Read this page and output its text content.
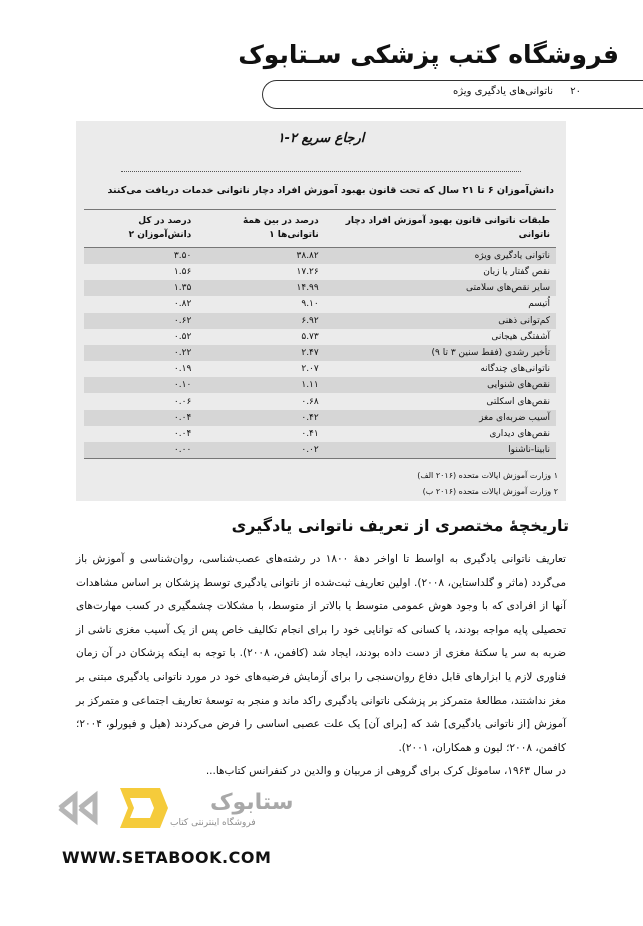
فروشگاه کتب پزشکی سـتابوک
۲۰
ناتوانی‌های یادگیری ویژه
ارجاع سریع ۲-۱
دانش‌آموزان ۶ تا ۲۱ سال که تحت قانون بهبود آموزش افراد دچار ناتوانی خدمات دریافت می‌کنند
طبقات ناتوانی قانون بهبود آموزش افراد دچار ناتوانی	درصد در بین همهٔ ناتوانی‌ها ۱	درصد در کل دانش‌آموزان ۲
ناتوانی یادگیری ویژه	۳۸.۸۲	۳.۵۰
نقص گفتار یا زبان	۱۷.۲۶	۱.۵۶
سایر نقص‌های سلامتی	۱۴.۹۹	۱.۳۵
اُتیسم	۹.۱۰	۰.۸۲
کم‌توانی ذهنی	۶.۹۲	۰.۶۲
آشفتگی هیجانی	۵.۷۳	۰.۵۲
تأخیر رشدی (فقط سنین ۳ تا ۹)	۲.۴۷	۰.۲۲
ناتوانی‌های چندگانه	۲.۰۷	۰.۱۹
نقص‌های شنوایی	۱.۱۱	۰.۱۰
نقص‌های اسکلتی	۰.۶۸	۰.۰۶
آسیب ضربه‌ای مغز	۰.۴۲	۰.۰۴
نقص‌های دیداری	۰.۴۱	۰.۰۴
نابینا-ناشنوا	۰.۰۲	۰.۰۰
۱ وزارت آموزش ایالات متحده (۲۰۱۶ الف)
۲ وزارت آموزش ایالات متحده (۲۰۱۶ ب)
تاریخچهٔ مختصری از تعریف ناتوانی یادگیری

تعاریف ناتوانی یادگیری به اواسط تا اواخر دههٔ ۱۸۰۰ در رشته‌های عصب‌شناسی، روان‌شناسی و آموزش باز می‌گردد (ماثر و گلداستاین، ۲۰۰۸). اولین تعاریف ثبت‌شده از ناتوانی یادگیری توسط پزشکان بر اساس مشاهدات آنها از افرادی که با وجود هوش عمومی متوسط یا بالاتر از متوسط، با مشکلات چشمگیری در کسب مهارت‌های تحصیلی پایه مواجه بودند، یا کسانی که توانایی خود را برای انجام تکالیف خاص پس از یک آسیب مغزی ناشی از ضربه به سر یا سکتهٔ مغزی از دست داده بودند، ایجاد شد (کافمن، ۲۰۰۸). با توجه به اینکه پزشکان در آن زمان فناوری لازم یا ابزارهای قابل دفاع روان‌سنجی را برای آزمایش فرضیه‌های خود در مورد ناتوانی یادگیری مبتنی بر مغز نداشتند، مطالعهٔ متمرکز بر پزشکی ناتوانی یادگیری راکد ماند و منجر به توسعهٔ تعاریف اجتماعی و متمرکز بر آموزش [از ناتوانی یادگیری] شد که [برای آن] یک علت عصبی اساسی را فرض می‌کردند (هیل و فیورلو، ۲۰۰۴؛ کافمن، ۲۰۰۸؛ لیون و همکاران، ۲۰۰۱).

در سال ۱۹۶۳، ساموئل کرک برای گروهی از مربیان و والدین در کنفرانس کتاب‌ها...

ستابوک
فروشگاه اینترنتی کتاب
WWW.SETABOOK.COM
